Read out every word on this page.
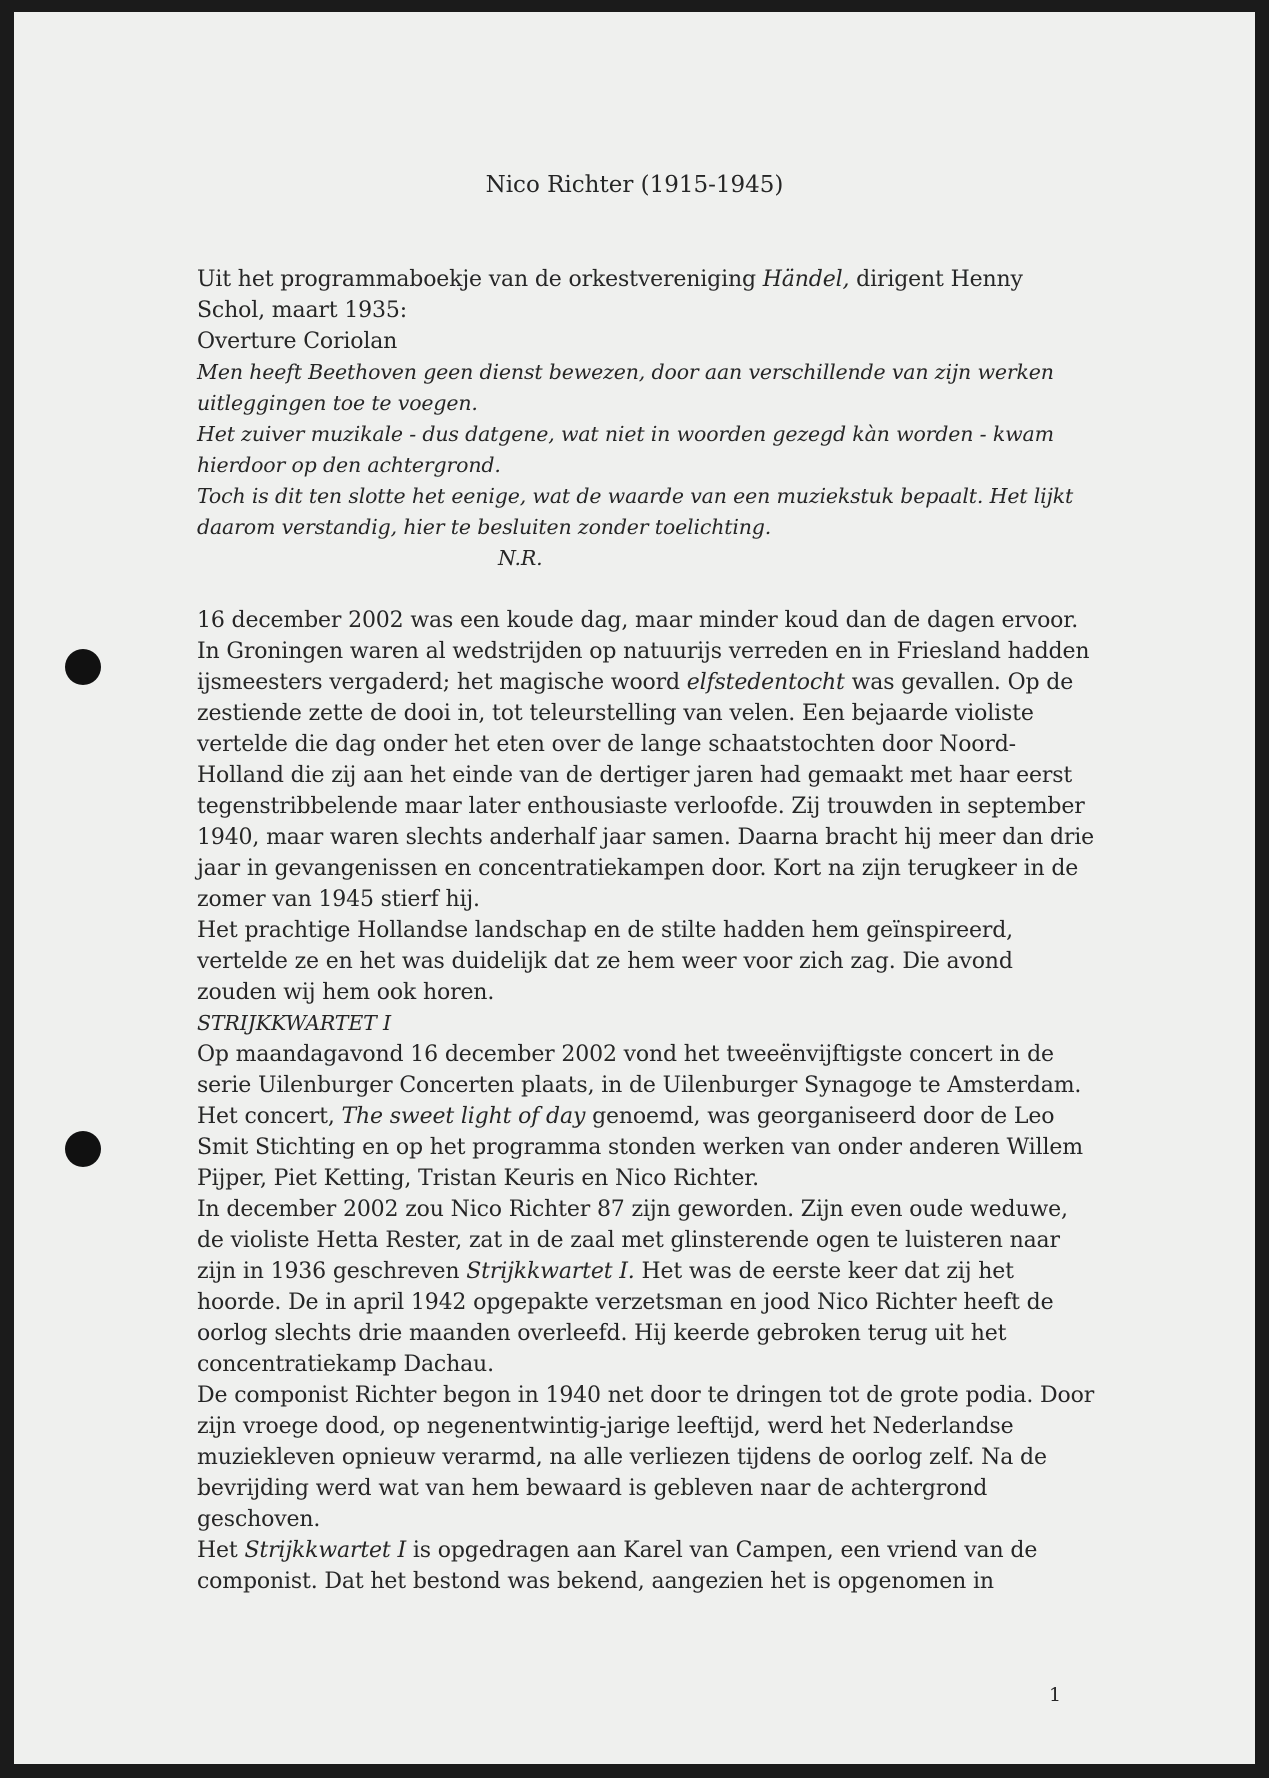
Nico Richter (1915-1945)

Uit het programmaboekje van de orkestvereniging Händel, dirigent Henny Schol, maart 1935:

Overture Coriolan

Men heeft Beethoven geen dienst bewezen, door aan verschillende van zijn werken uitleggingen toe te voegen.

Het zuiver muzikale - dus datgene, wat niet in woorden gezegd kàn worden - kwam hierdoor op den achtergrond.

Toch is dit ten slotte het eenige, wat de waarde van een muziekstuk bepaalt. Het lijkt daarom verstandig, hier te besluiten zonder toelichting.

N.R.

16 december 2002 was een koude dag, maar minder koud dan de dagen ervoor. In Groningen waren al wedstrijden op natuurijs verreden en in Friesland hadden ijsmeesters vergaderd; het magische woord elfstedentocht was gevallen. Op de zestiende zette de dooi in, tot teleurstelling van velen. Een bejaarde violiste vertelde die dag onder het eten over de lange schaatstochten door Noord-Holland die zij aan het einde van de dertiger jaren had gemaakt met haar eerst tegenstribbelende maar later enthousiaste verloofde. Zij trouwden in september 1940, maar waren slechts anderhalf jaar samen. Daarna bracht hij meer dan drie jaar in gevangenissen en concentratiekampen door. Kort na zijn terugkeer in de zomer van 1945 stierf hij.

Het prachtige Hollandse landschap en de stilte hadden hem geïnspireerd, vertelde ze en het was duidelijk dat ze hem weer voor zich zag. Die avond zouden wij hem ook horen.

STRIJKKWARTET I

Op maandagavond 16 december 2002 vond het tweeënvijftigste concert in de serie Uilenburger Concerten plaats, in de Uilenburger Synagoge te Amsterdam. Het concert, The sweet light of day genoemd, was georganiseerd door de Leo Smit Stichting en op het programma stonden werken van onder anderen Willem Pijper, Piet Ketting, Tristan Keuris en Nico Richter.

In december 2002 zou Nico Richter 87 zijn geworden. Zijn even oude weduwe, de violiste Hetta Rester, zat in de zaal met glinsterende ogen te luisteren naar zijn in 1936 geschreven Strijkkwartet I. Het was de eerste keer dat zij het hoorde. De in april 1942 opgepakte verzetsman en jood Nico Richter heeft de oorlog slechts drie maanden overleefd. Hij keerde gebroken terug uit het concentratiekamp Dachau.

De componist Richter begon in 1940 net door te dringen tot de grote podia. Door zijn vroege dood, op negenentwintig-jarige leeftijd, werd het Nederlandse muziekleven opnieuw verarmd, na alle verliezen tijdens de oorlog zelf. Na de bevrijding werd wat van hem bewaard is gebleven naar de achtergrond geschoven.

Het Strijkkwartet I is opgedragen aan Karel van Campen, een vriend van de componist. Dat het bestond was bekend, aangezien het is opgenomen in

1
